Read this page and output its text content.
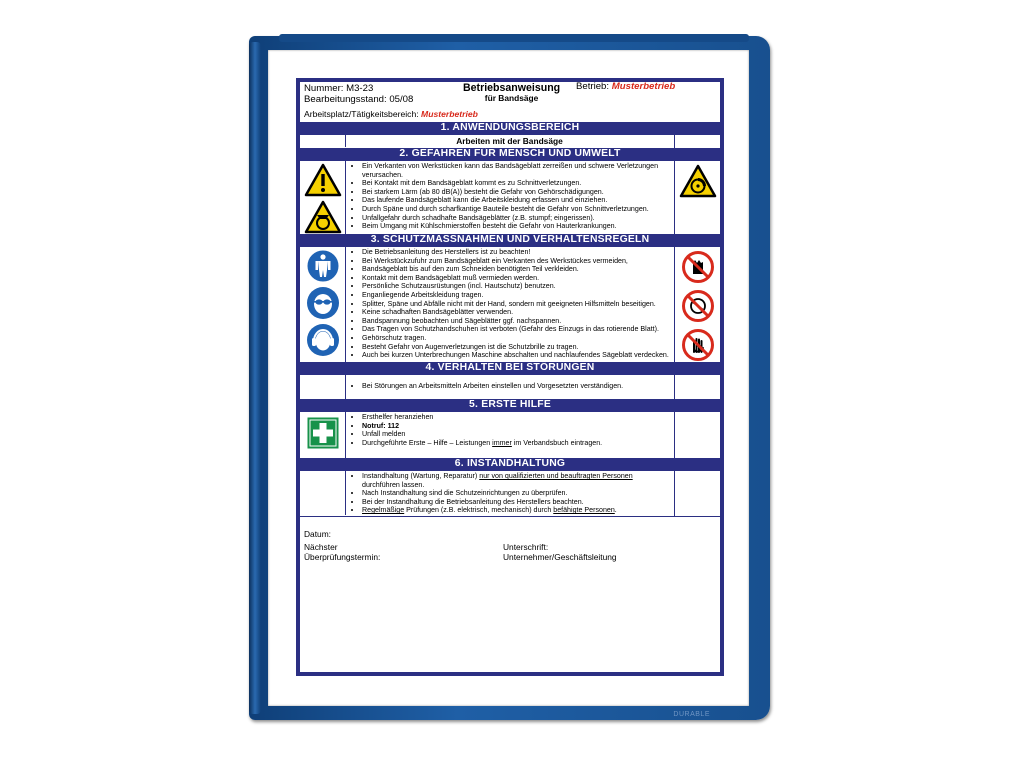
Nummer: M3-23
Bearbeitungsstand: 05/08
Betriebsanweisung
für Bandsäge
Betrieb: Musterbetrieb
Arbeitsplatz/Tätigkeitsbereich: Musterbetrieb
1. ANWENDUNGSBEREICH
Arbeiten mit der Bandsäge
2. GEFAHREN FÜR MENSCH UND UMWELT
• Ein Verkanten von Werkstücken kann das Bandsägeblatt zerreißen und schwere Verletzungen verursachen.
• Bei Kontakt mit dem Bandsägeblatt kommt es zu Schnittverletzungen.
• Bei starkem Lärm (ab 80 dB(A)) besteht die Gefahr von Gehörschädigungen.
• Das laufende Bandsägeblatt kann die Arbeitskleidung erfassen und einziehen.
• Durch Späne und durch scharfkantige Bauteile besteht die Gefahr von Schnittverletzungen.
• Unfallgefahr durch schadhafte Bandsägeblätter (z.B. stumpf; eingerissen).
• Beim Umgang mit Kühlschmierstoffen besteht die Gefahr von Hauterkrankungen.
3. SCHUTZMASSNAHMEN UND VERHALTENSREGELN
• Die Betriebsanleitung des Herstellers ist zu beachten!
• Bei Werkstückzufuhr zum Bandsägeblatt ein Verkanten des Werkstückes vermeiden,
• Bandsägeblatt bis auf den zum Schneiden benötigten Teil verkleiden.
• Kontakt mit dem Bandsägeblatt muß vermieden werden.
• Persönliche Schutzausrüstungen (incl. Hautschutz) benutzen.
• Enganliegende Arbeitskleidung tragen.
• Splitter, Späne und Abfälle nicht mit der Hand, sondern mit geeigneten Hilfsmitteln beseitigen.
• Keine schadhaften Bandsägeblätter verwenden.
• Bandspannung beobachten und Sägeblätter ggf. nachspannen.
• Das Tragen von Schutzhandschuhen ist verboten (Gefahr des Einzugs in das rotierende Blatt).
• Gehörschutz tragen.
• Besteht Gefahr von Augenverletzungen ist die Schutzbrille zu tragen.
• Auch bei kurzen Unterbrechungen Maschine abschalten und nachlaufendes Sägeblatt verdecken.
4. VERHALTEN BEI STÖRUNGEN
• Bei Störungen an Arbeitsmitteln Arbeiten einstellen und Vorgesetzten verständigen.
5. ERSTE HILFE
• Ersthelfer heranziehen
• Notruf: 112
• Unfall melden
• Durchgeführte Erste – Hilfe – Leistungen immer im Verbandsbuch eintragen.
6. INSTANDHALTUNG
• Instandhaltung (Wartung, Reparatur) nur von qualifizierten und beauftragten Personen durchführen lassen.
• Nach Instandhaltung sind die Schutzeinrichtungen zu überprüfen.
• Bei der Instandhaltung die Betriebsanleitung des Herstellers beachten.
• Regelmäßige Prüfungen (z.B. elektrisch, mechanisch) durch befähigte Personen.
Datum:
Nächster
Überprüfungstermin:
Unterschrift:
Unternehmer/Geschäftsleitung
DURABLE
